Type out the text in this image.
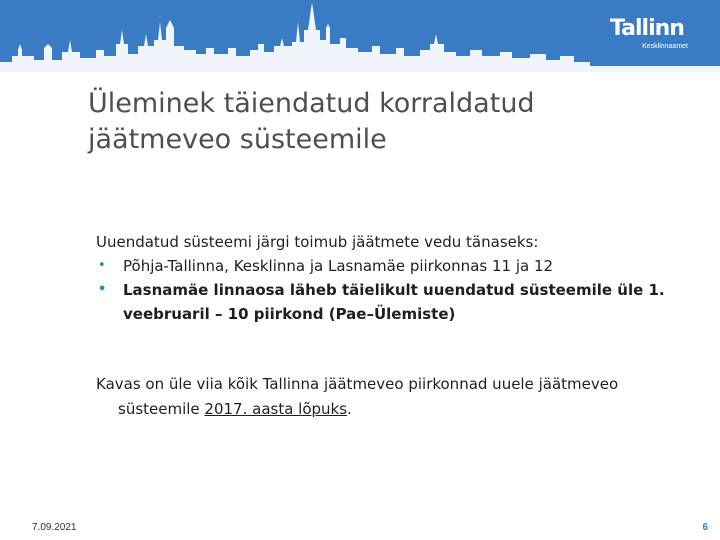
Tallinn
Kesklinnaamet
Üleminek täiendatud korraldatud
jäätmeveo süsteemile
Uuendatud süsteemi järgi toimub jäätmete vedu tänaseks:
• Põhja-Tallinna, Kesklinna ja Lasnamäe piirkonnas 11 ja 12
• Lasnamäe linnaosa läheb täielikult uuendatud süsteemile üle 1.
veebruaril – 10 piirkond (Pae–Ülemiste)
Kavas on üle viia kõik Tallinna jäätmeveo piirkonnad uuele jäätmeveo
süsteemile 2017. aasta lõpuks.
7.09.2021	6
